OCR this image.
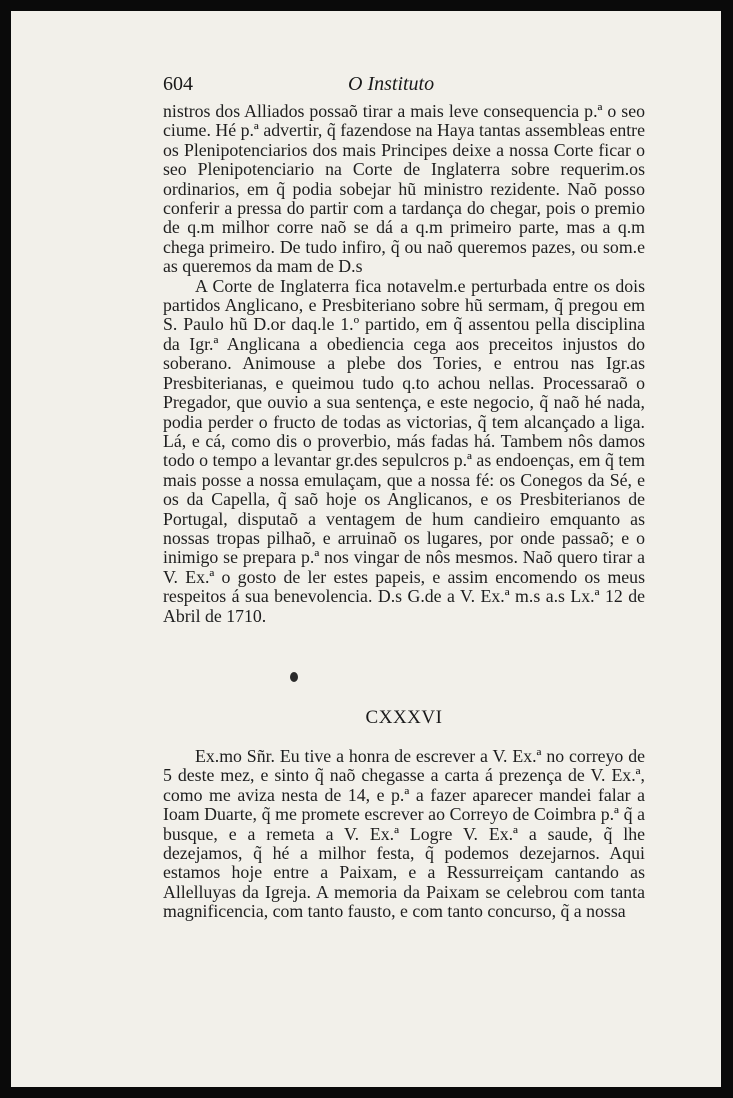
604	O Instituto

nistros dos Alliados possaõ tirar a mais leve consequencia p.ª o seo ciume. Hé p.ª advertir, q̃ fazendose na Haya tantas assembleas entre os Plenipotenciarios dos mais Principes deixe a nossa Corte ficar o seo Plenipotenciario na Corte de Inglaterra sobre requerim.os ordinarios, em q̃ podia sobejar hũ ministro rezidente. Naõ posso conferir a pressa do partir com a tardança do chegar, pois o premio de q.m milhor corre naõ se dá a q.m primeiro parte, mas a q.m chega primeiro. De tudo infiro, q̃ ou naõ queremos pazes, ou som.e as queremos da mam de D.s

A Corte de Inglaterra fica notavelm.e perturbada entre os dois partidos Anglicano, e Presbiteriano sobre hũ sermam, q̃ pregou em S. Paulo hũ D.or daq.le 1.º partido, em q̃ assentou pella disciplina da Igr.ª Anglicana a obediencia cega aos preceitos injustos do soberano. Animouse a plebe dos Tories, e entrou nas Igr.as Presbiterianas, e queimou tudo q.to achou nellas. Processaraõ o Pregador, que ouvio a sua sentença, e este negocio, q̃ naõ hé nada, podia perder o fructo de todas as victorias, q̃ tem alcançado a liga. Lá, e cá, como dis o proverbio, más fadas há. Tambem nôs damos todo o tempo a levantar gr.des sepulcros p.ª as endoenças, em q̃ tem mais posse a nossa emulaçam, que a nossa fé: os Conegos da Sé, e os da Capella, q̃ saõ hoje os Anglicanos, e os Presbiterianos de Portugal, disputaõ a ventagem de hum candieiro emquanto as nossas tropas pilhaõ, e arruinaõ os lugares, por onde passaõ; e o inimigo se prepara p.ª nos vingar de nôs mesmos. Naõ quero tirar a V. Ex.ª o gosto de ler estes papeis, e assim encomendo os meus respeitos á sua benevolencia. D.s G.de a V. Ex.ª m.s a.s Lx.ª 12 de Abril de 1710.

CXXXVI

Ex.mo Sñr. Eu tive a honra de escrever a V. Ex.ª no correyo de 5 deste mez, e sinto q̃ naõ chegasse a carta á prezença de V. Ex.ª, como me aviza nesta de 14, e p.ª a fazer aparecer mandei falar a Ioam Duarte, q̃ me promete escrever ao Correyo de Coimbra p.ª q̃ a busque, e a remeta a V. Ex.ª Logre V. Ex.ª a saude, q̃ lhe dezejamos, q̃ hé a milhor festa, q̃ podemos dezejarnos. Aqui estamos hoje entre a Paixam, e a Ressurreiçam cantando as Allelluyas da Igreja. A memoria da Paixam se celebrou com tanta magnificencia, com tanto fausto, e com tanto concurso, q̃ a nossa
